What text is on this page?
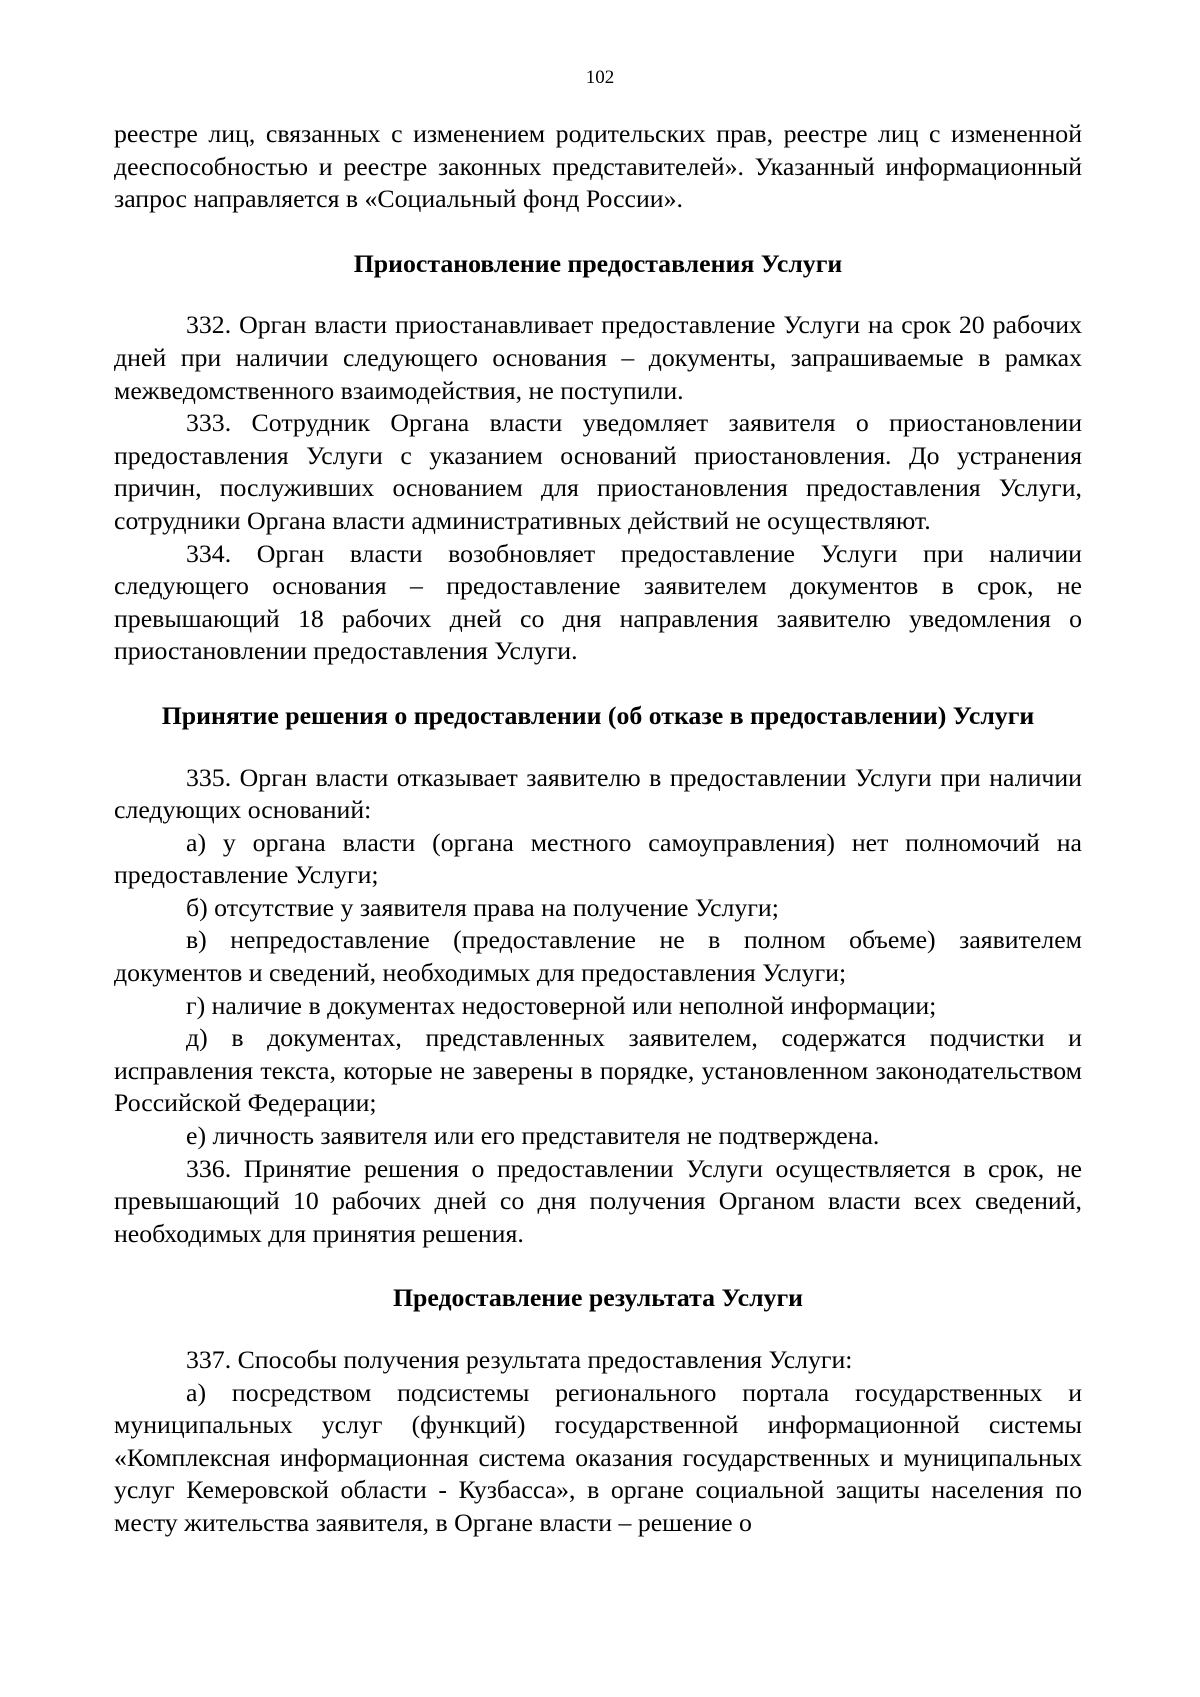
102

реестре лиц, связанных с изменением родительских прав, реестре лиц с измененной дееспособностью и реестре законных представителей». Указанный информационный запрос направляется в «Социальный фонд России».

Приостановление предоставления Услуги

332. Орган власти приостанавливает предоставление Услуги на срок 20 рабочих дней при наличии следующего основания – документы, запрашиваемые в рамках межведомственного взаимодействия, не поступили.

333. Сотрудник Органа власти уведомляет заявителя о приостановлении предоставления Услуги с указанием оснований приостановления. До устранения причин, послуживших основанием для приостановления предоставления Услуги, сотрудники Органа власти административных действий не осуществляют.

334. Орган власти возобновляет предоставление Услуги при наличии следующего основания – предоставление заявителем документов в срок, не превышающий 18 рабочих дней со дня направления заявителю уведомления о приостановлении предоставления Услуги.

Принятие решения о предоставлении (об отказе в предоставлении) Услуги

335. Орган власти отказывает заявителю в предоставлении Услуги при наличии следующих оснований:

а) у органа власти (органа местного самоуправления) нет полномочий на предоставление Услуги;

б) отсутствие у заявителя права на получение Услуги;

в) непредоставление (предоставление не в полном объеме) заявителем документов и сведений, необходимых для предоставления Услуги;

г) наличие в документах недостоверной или неполной информации;

д) в документах, представленных заявителем, содержатся подчистки и исправления текста, которые не заверены в порядке, установленном законодательством Российской Федерации;

е) личность заявителя или его представителя не подтверждена.

336. Принятие решения о предоставлении Услуги осуществляется в срок, не превышающий 10 рабочих дней со дня получения Органом власти всех сведений, необходимых для принятия решения.

Предоставление результата Услуги

337. Способы получения результата предоставления Услуги:

а) посредством подсистемы регионального портала государственных и муниципальных услуг (функций) государственной информационной системы «Комплексная информационная система оказания государственных и муниципальных услуг Кемеровской области - Кузбасса», в органе социальной защиты населения по месту жительства заявителя, в Органе власти – решение о
